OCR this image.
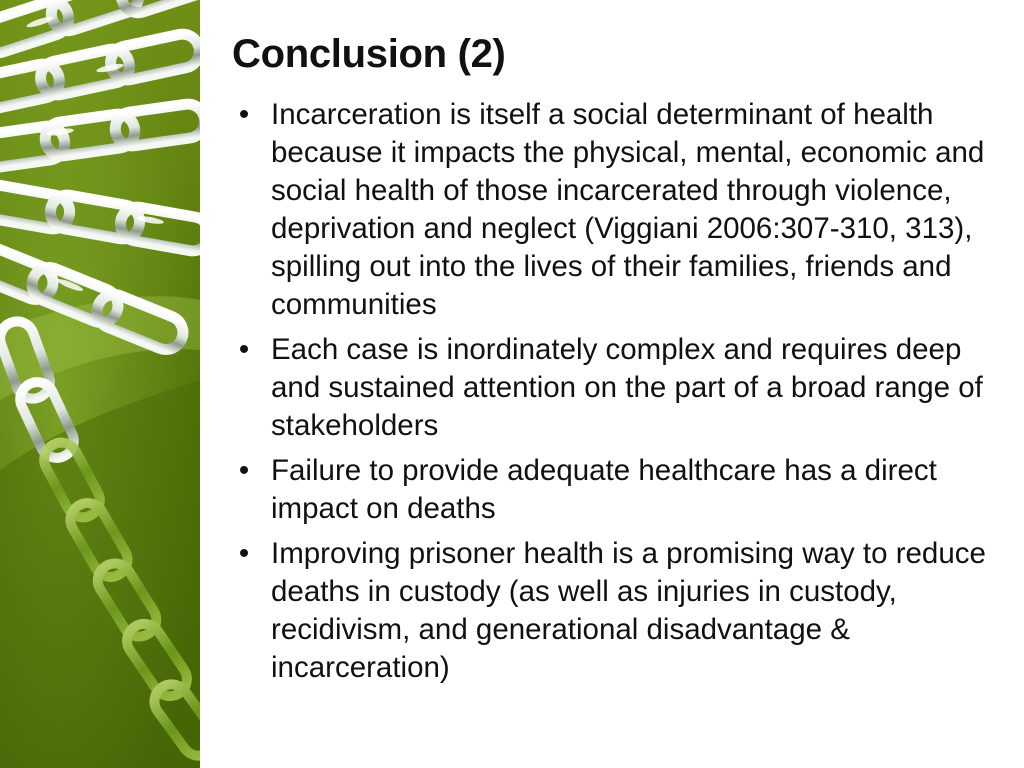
Conclusion (2)
• Incarceration is itself a social determinant of health because it impacts the physical, mental, economic and social health of those incarcerated through violence, deprivation and neglect (Viggiani 2006:307-310, 313), spilling out into the lives of their families, friends and communities
• Each case is inordinately complex and requires deep and sustained attention on the part of a broad range of stakeholders
• Failure to provide adequate healthcare has a direct impact on deaths
• Improving prisoner health is a promising way to reduce deaths in custody (as well as injuries in custody, recidivism, and generational disadvantage & incarceration)
